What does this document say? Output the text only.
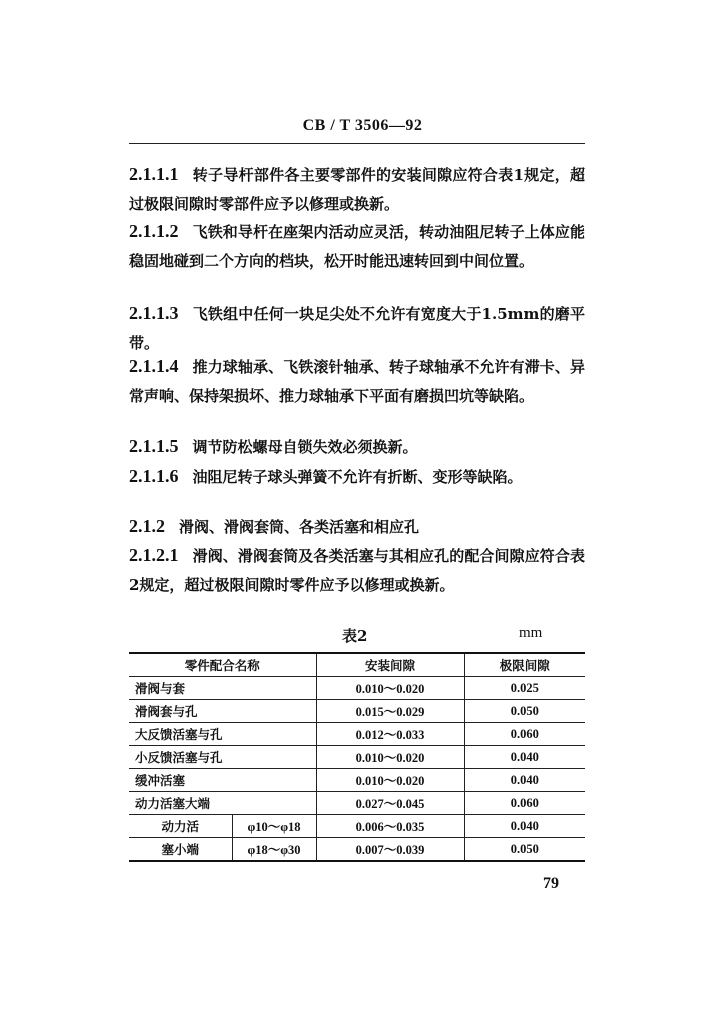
CB / T 3506—92
2.1.1.1 转子导杆部件各主要零部件的安装间隙应符合表1规定，超过极限间隙时零部件应予以修理或换新。
2.1.1.2 飞铁和导杆在座架内活动应灵活，转动油阻尼转子上体应能稳固地碰到二个方向的档块，松开时能迅速转回到中间位置。
2.1.1.3 飞铁组中任何一块足尖处不允许有宽度大于1.5mm的磨平带。
2.1.1.4 推力球轴承、飞铁滚针轴承、转子球轴承不允许有滞卡、异常声响、保持架损坏、推力球轴承下平面有磨损凹坑等缺陷。
2.1.1.5 调节防松螺母自锁失效必须换新。
2.1.1.6 油阻尼转子球头弹簧不允许有折断、变形等缺陷。
2.1.2 滑阀、滑阀套筒、各类活塞和相应孔
2.1.2.1 滑阀、滑阀套筒及各类活塞与其相应孔的配合间隙应符合表2规定，超过极限间隙时零件应予以修理或换新。
表2	mm
零件配合名称		安装间隙	极限间隙
滑阀与套		0.010～0.020	0.025
滑阀套与孔		0.015～0.029	0.050
大反馈活塞与孔		0.012～0.033	0.060
小反馈活塞与孔		0.010～0.020	0.040
缓冲活塞		0.010～0.020	0.040
动力活塞大端		0.027～0.045	0.060
动力活	φ10～φ18	0.006～0.035	0.040
塞小端	φ18～φ30	0.007～0.039	0.050
79
